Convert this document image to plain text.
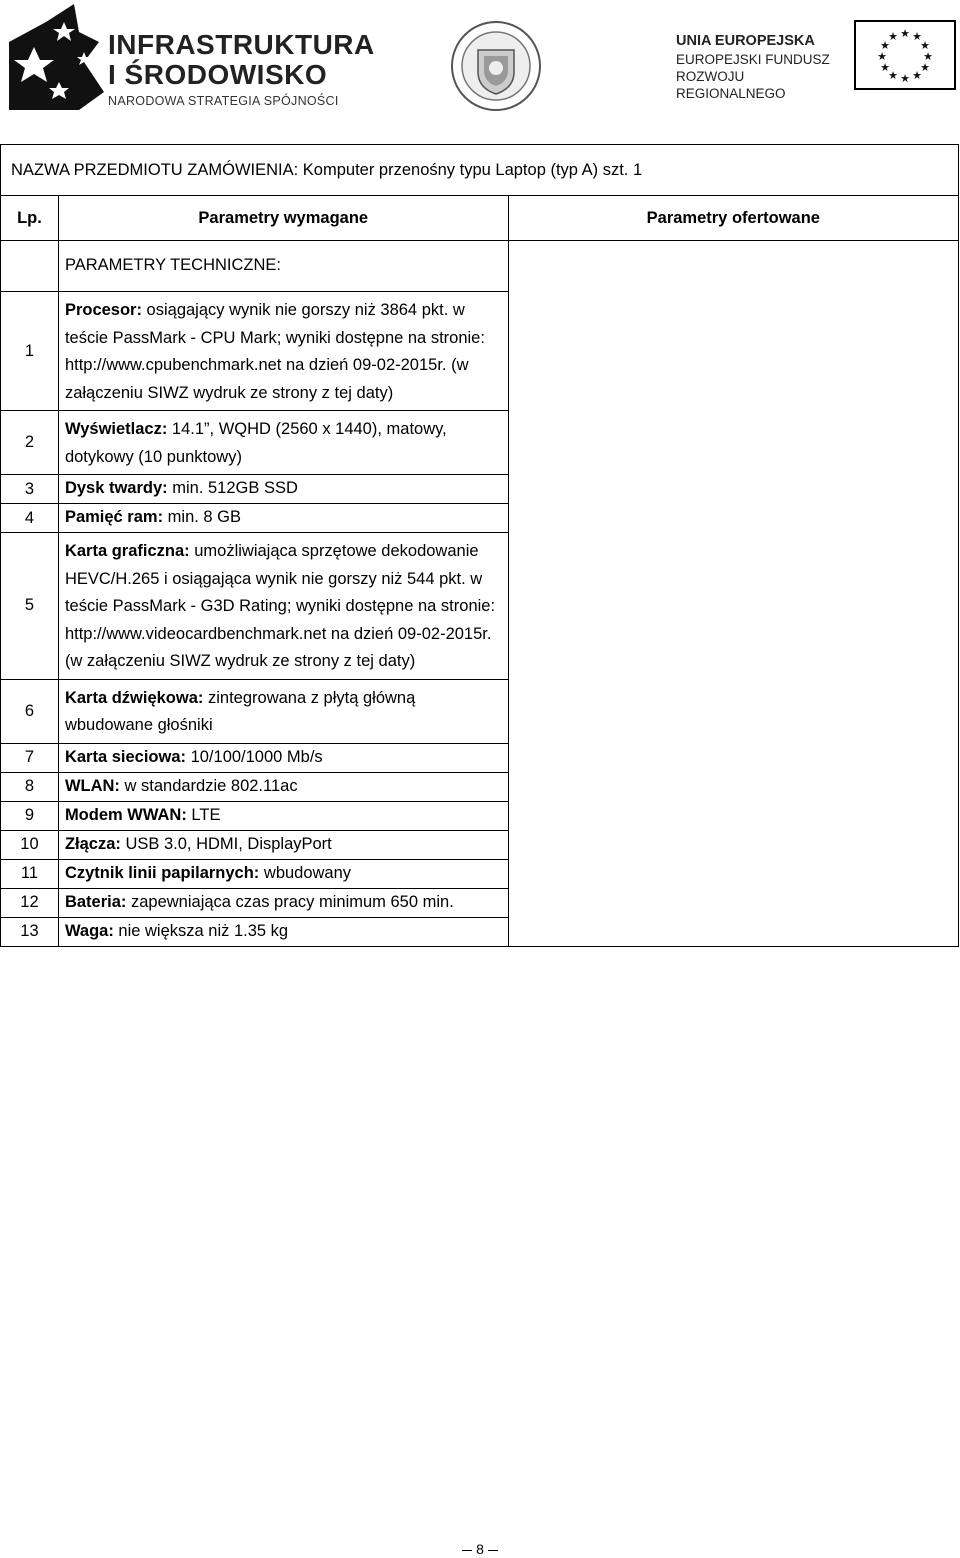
INFRASTRUKTURA
I ŚRODOWISKO
NARODOWA STRATEGIA SPÓJNOŚCI
UNIA EUROPEJSKA
EUROPEJSKI FUNDUSZ
ROZWOJU REGIONALNEGO
★ ★
★
★
★
★
★
★
★
★
★
★
NAZWA PRZEDMIOTU ZAMÓWIENIA: Komputer przenośny typu Laptop (typ A) szt. 1		
Lp.	Parametry wymagane	Parametry ofertowane
	PARAMETRY TECHNICZNE:	
1	Procesor: osiągający wynik nie gorszy niż 3864 pkt. w teście PassMark - CPU Mark; wyniki dostępne na stronie: http://www.cpubenchmark.net na dzień 09-02-2015r. (w załączeniu SIWZ wydruk ze strony z tej daty)	
2	Wyświetlacz: 14.1”, WQHD (2560 x 1440), matowy, dotykowy (10 punktowy)	
3	Dysk twardy: min. 512GB SSD	
4	Pamięć ram: min. 8 GB	
5	Karta graficzna: umożliwiająca sprzętowe dekodowanie HEVC/H.265 i osiągająca wynik nie gorszy niż 544 pkt. w teście PassMark - G3D Rating; wyniki dostępne na stronie: http://www.videocardbenchmark.net na dzień 09-02-2015r. (w załączeniu SIWZ wydruk ze strony z tej daty)	
6	Karta dźwiękowa: zintegrowana z płytą główną wbudowane głośniki	
7	Karta sieciowa: 10/100/1000 Mb/s	
8	WLAN: w standardzie 802.11ac	
9	Modem WWAN: LTE	
10	Złącza: USB 3.0, HDMI, DisplayPort	
11	Czytnik linii papilarnych: wbudowany	
12	Bateria: zapewniająca czas pracy minimum 650 min.	
13	Waga: nie większa niż 1.35 kg	
8
